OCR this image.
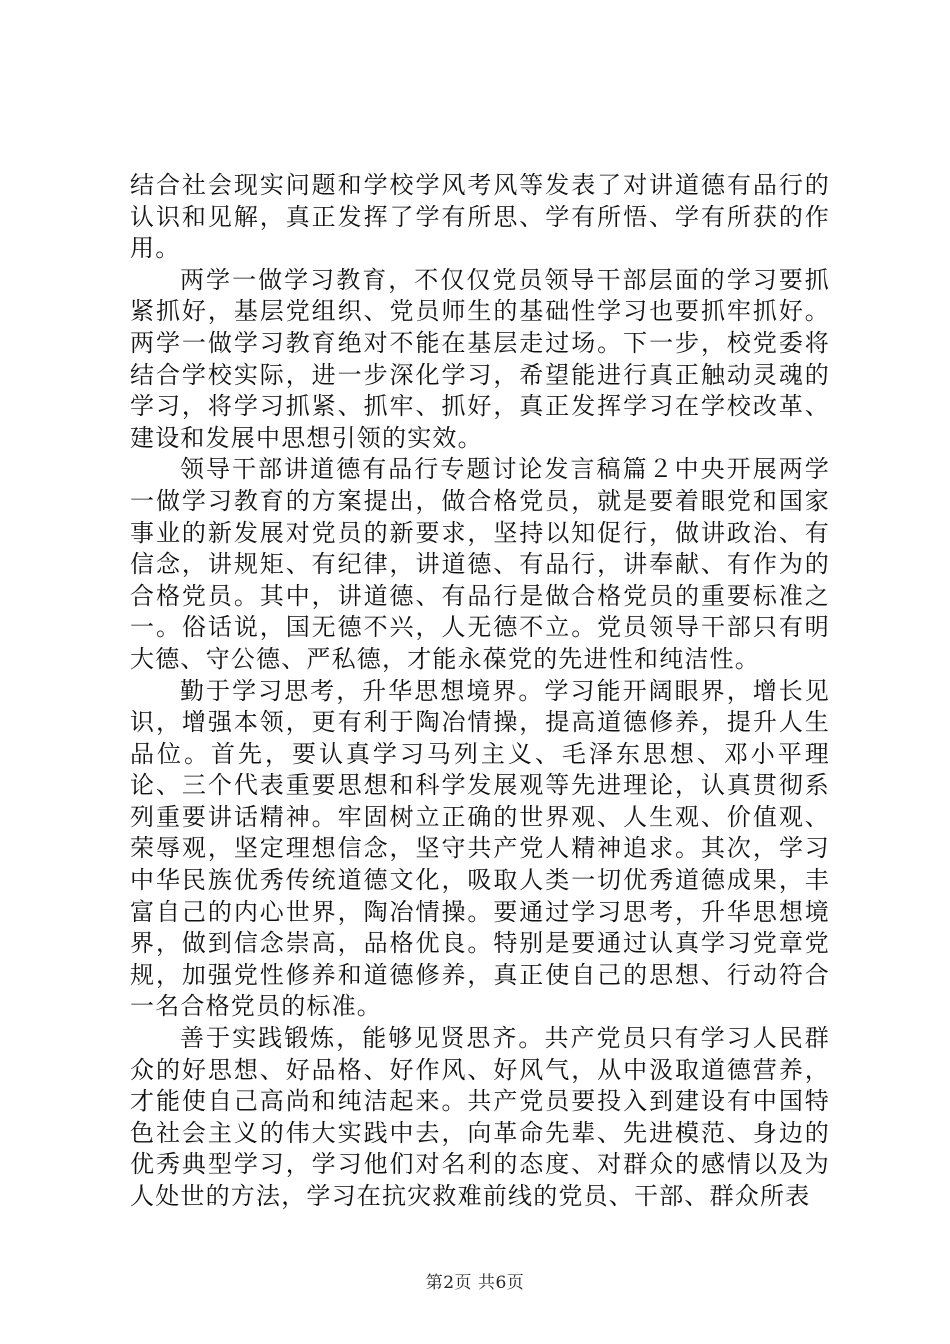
结合社会现实问题和学校学风考风等发表了对讲道德有品行的认识和见解，真正发挥了学有所思、学有所悟、学有所获的作用。

两学一做学习教育，不仅仅党员领导干部层面的学习要抓紧抓好，基层党组织、党员师生的基础性学习也要抓牢抓好。两学一做学习教育绝对不能在基层走过场。下一步，校党委将结合学校实际，进一步深化学习，希望能进行真正触动灵魂的学习，将学习抓紧、抓牢、抓好，真正发挥学习在学校改革、建设和发展中思想引领的实效。

领导干部讲道德有品行专题讨论发言稿篇２中央开展两学一做学习教育的方案提出，做合格党员，就是要着眼党和国家事业的新发展对党员的新要求，坚持以知促行，做讲政治、有信念，讲规矩、有纪律，讲道德、有品行，讲奉献、有作为的合格党员。其中，讲道德、有品行是做合格党员的重要标准之一。俗话说，国无德不兴，人无德不立。党员领导干部只有明大德、守公德、严私德，才能永葆党的先进性和纯洁性。

勤于学习思考，升华思想境界。学习能开阔眼界，增长见识，增强本领，更有利于陶冶情操，提高道德修养，提升人生品位。首先，要认真学习马列主义、毛泽东思想、邓小平理论、三个代表重要思想和科学发展观等先进理论，认真贯彻系列重要讲话精神。牢固树立正确的世界观、人生观、价值观、荣辱观，坚定理想信念，坚守共产党人精神追求。其次，学习中华民族优秀传统道德文化，吸取人类一切优秀道德成果，丰富自己的内心世界，陶冶情操。要通过学习思考，升华思想境界，做到信念崇高，品格优良。特别是要通过认真学习党章党规，加强党性修养和道德修养，真正使自己的思想、行动符合一名合格党员的标准。

善于实践锻炼，能够见贤思齐。共产党员只有学习人民群众的好思想、好品格、好作风、好风气，从中汲取道德营养，才能使自己高尚和纯洁起来。共产党员要投入到建设有中国特色社会主义的伟大实践中去，向革命先辈、先进模范、身边的优秀典型学习，学习他们对名利的态度、对群众的感情以及为人处世的方法，学习在抗灾救难前线的党员、干部、群众所表

第2页 共6页
